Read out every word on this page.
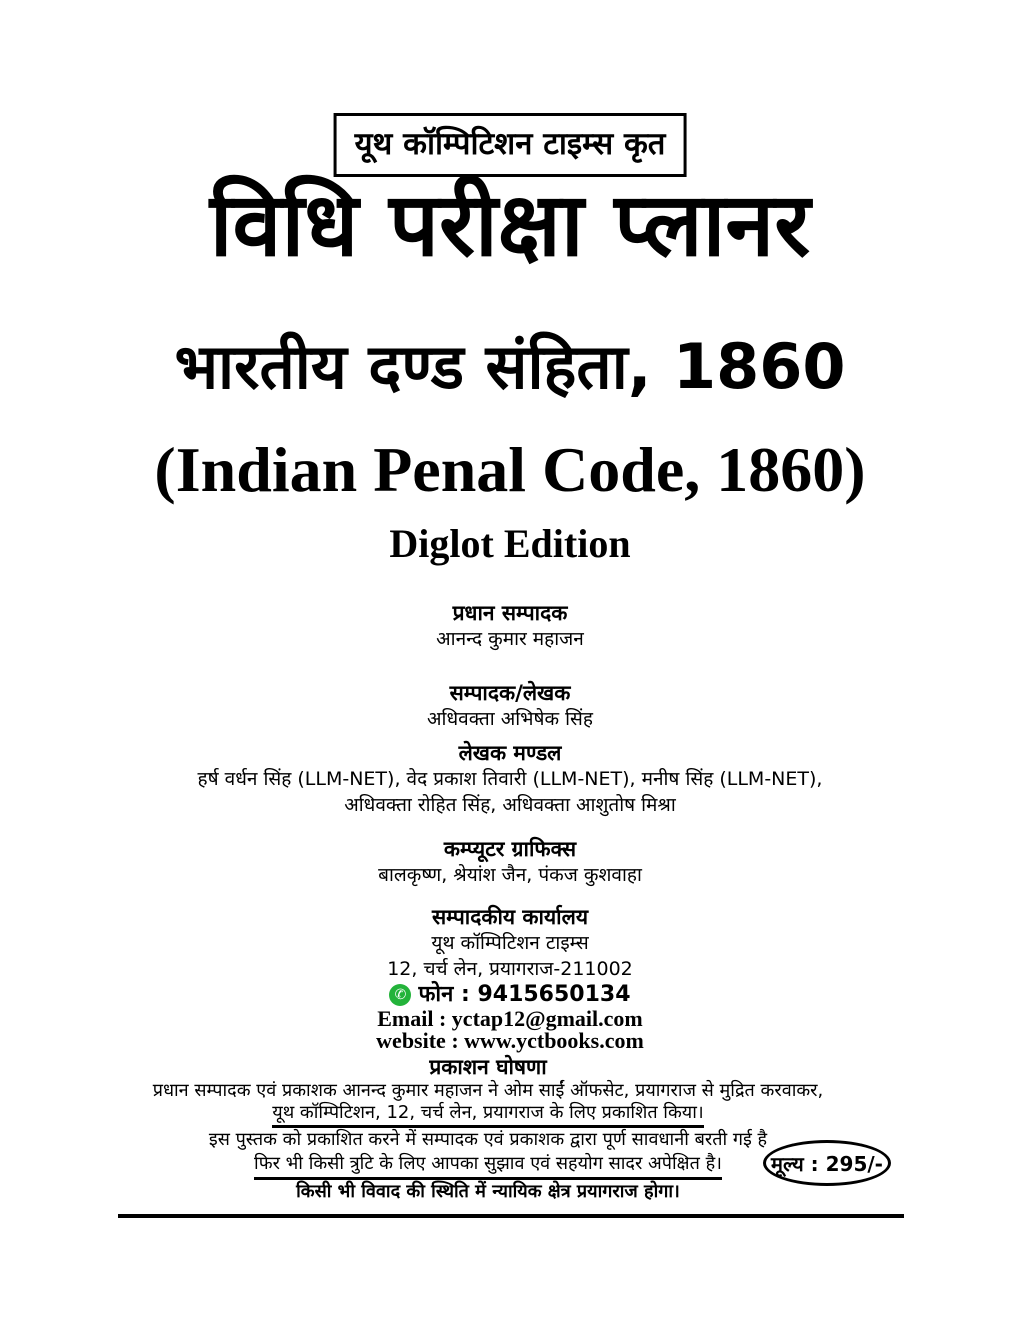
यूथ कॉम्पिटिशन टाइम्स कृत
विधि परीक्षा प्लानर
भारतीय दण्ड संहिता, 1860
(Indian Penal Code, 1860)
Diglot Edition
प्रधान सम्पादक
आनन्द कुमार महाजन
सम्पादक/लेखक
अधिवक्ता अभिषेक सिंह
लेखक मण्डल
हर्ष वर्धन सिंह (LLM-NET), वेद प्रकाश तिवारी (LLM-NET), मनीष सिंह (LLM-NET),
अधिवक्ता रोहित सिंह, अधिवक्ता आशुतोष मिश्रा
कम्प्यूटर ग्राफिक्स
बालकृष्ण, श्रेयांश जैन, पंकज कुशवाहा
सम्पादकीय कार्यालय
यूथ कॉम्पिटिशन टाइम्स
12, चर्च लेन, प्रयागराज-211002
✆ फोन : 9415650134
Email : yctap12@gmail.com
website : www.yctbooks.com
प्रकाशन घोषणा
प्रधान सम्पादक एवं प्रकाशक आनन्द कुमार महाजन ने ओम साईं ऑफसेट, प्रयागराज से मुद्रित करवाकर,
यूथ कॉम्पिटिशन, 12, चर्च लेन, प्रयागराज के लिए प्रकाशित किया।
इस पुस्तक को प्रकाशित करने में सम्पादक एवं प्रकाशक द्वारा पूर्ण सावधानी बरती गई है
फिर भी किसी त्रुटि के लिए आपका सुझाव एवं सहयोग सादर अपेक्षित है।
किसी भी विवाद की स्थिति में न्यायिक क्षेत्र प्रयागराज होगा।
मूल्य : 295/-
